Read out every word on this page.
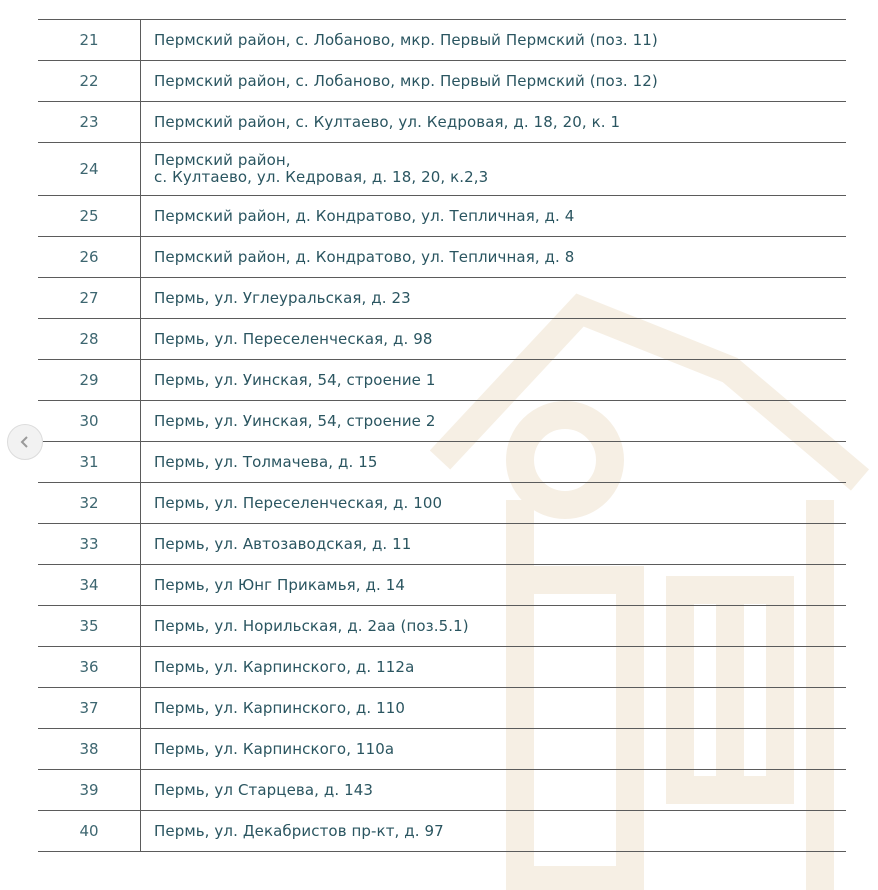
21	Пермский район, с. Лобаново, мкр. Первый Пермский (поз. 11)
22	Пермский район, с. Лобаново, мкр. Первый Пермский (поз. 12)
23	Пермский район, с. Култаево, ул. Кедровая, д. 18, 20, к. 1
24	Пермский район,
с. Култаево, ул. Кедровая, д. 18, 20, к.2,3
25	Пермский район, д. Кондратово, ул. Тепличная, д. 4
26	Пермский район, д. Кондратово, ул. Тепличная, д. 8
27	Пермь, ул. Углеуральская, д. 23
28	Пермь, ул. Переселенческая, д. 98
29	Пермь, ул. Уинская, 54, строение 1
30	Пермь, ул. Уинская, 54, строение 2
31	Пермь, ул. Толмачева, д. 15
32	Пермь, ул. Переселенческая, д. 100
33	Пермь, ул. Автозаводская, д. 11
34	Пермь, ул Юнг Прикамья, д. 14
35	Пермь, ул. Норильская, д. 2аа (поз.5.1)
36	Пермь, ул. Карпинского, д. 112а
37	Пермь, ул. Карпинского, д. 110
38	Пермь, ул. Карпинского, 110а
39	Пермь, ул Старцева, д. 143
40	Пермь, ул. Декабристов пр-кт, д. 97
